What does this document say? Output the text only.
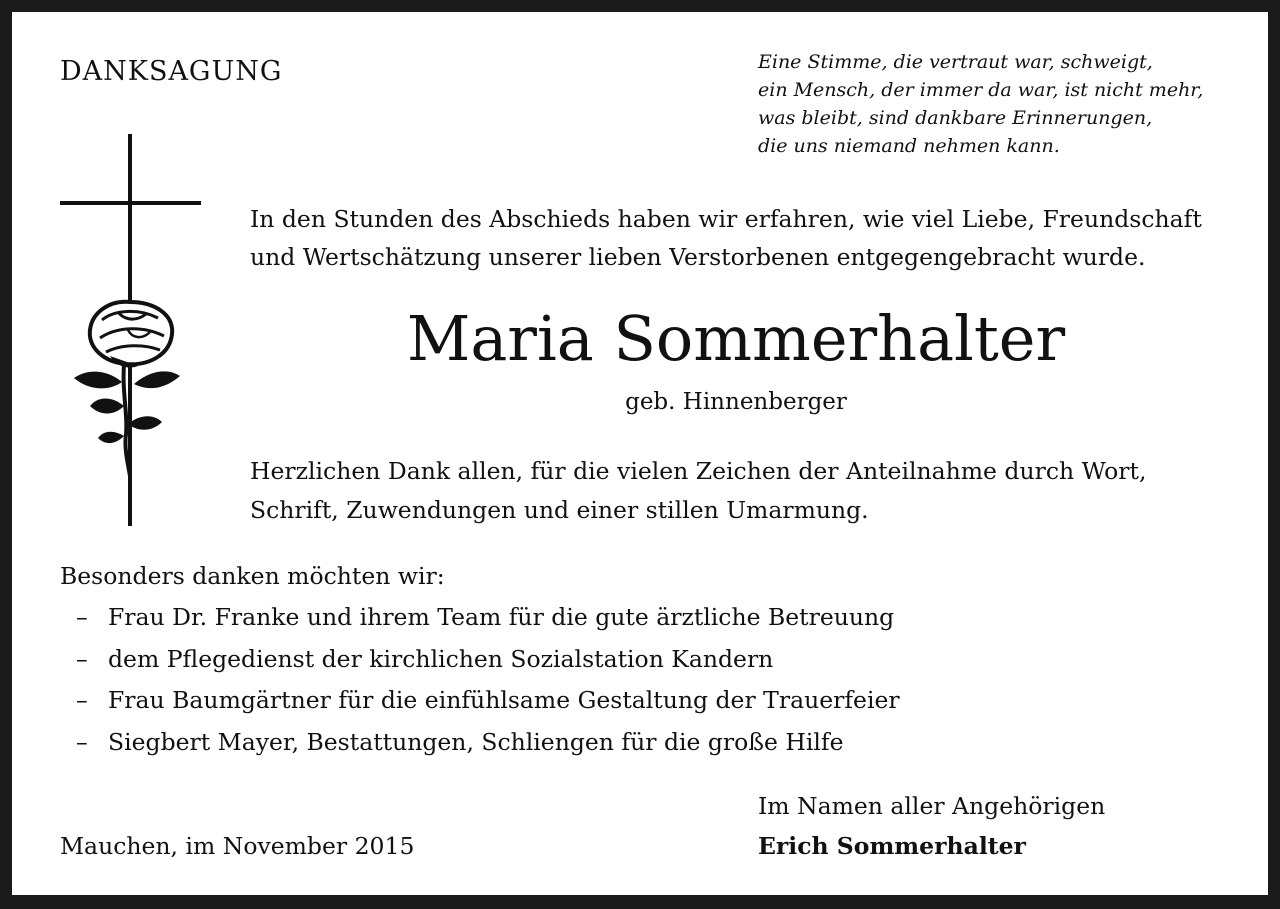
DANKSAGUNG	Eine Stimme, die vertraut war, schweigt,
ein Mensch, der immer da war, ist nicht mehr,
was bleibt, sind dankbare Erinnerungen,
die uns niemand nehmen kann.
In den Stunden des Abschieds haben wir erfahren, wie viel Liebe, Freundschaft
und Wertschätzung unserer lieben Verstorbenen entgegengebracht wurde.
Maria Sommerhalter
geb. Hinnenberger
Herzlichen Dank allen, für die vielen Zeichen der Anteilnahme durch Wort,
Schrift, Zuwendungen und einer stillen Umarmung.
Besonders danken möchten wir:
– Frau Dr. Franke und ihrem Team für die gute ärztliche Betreuung
– dem Pflegedienst der kirchlichen Sozialstation Kandern
– Frau Baumgärtner für die einfühlsame Gestaltung der Trauerfeier
– Siegbert Mayer, Bestattungen, Schliengen für die große Hilfe
Im Namen aller Angehörigen
Erich Sommerhalter
Mauchen, im November 2015
